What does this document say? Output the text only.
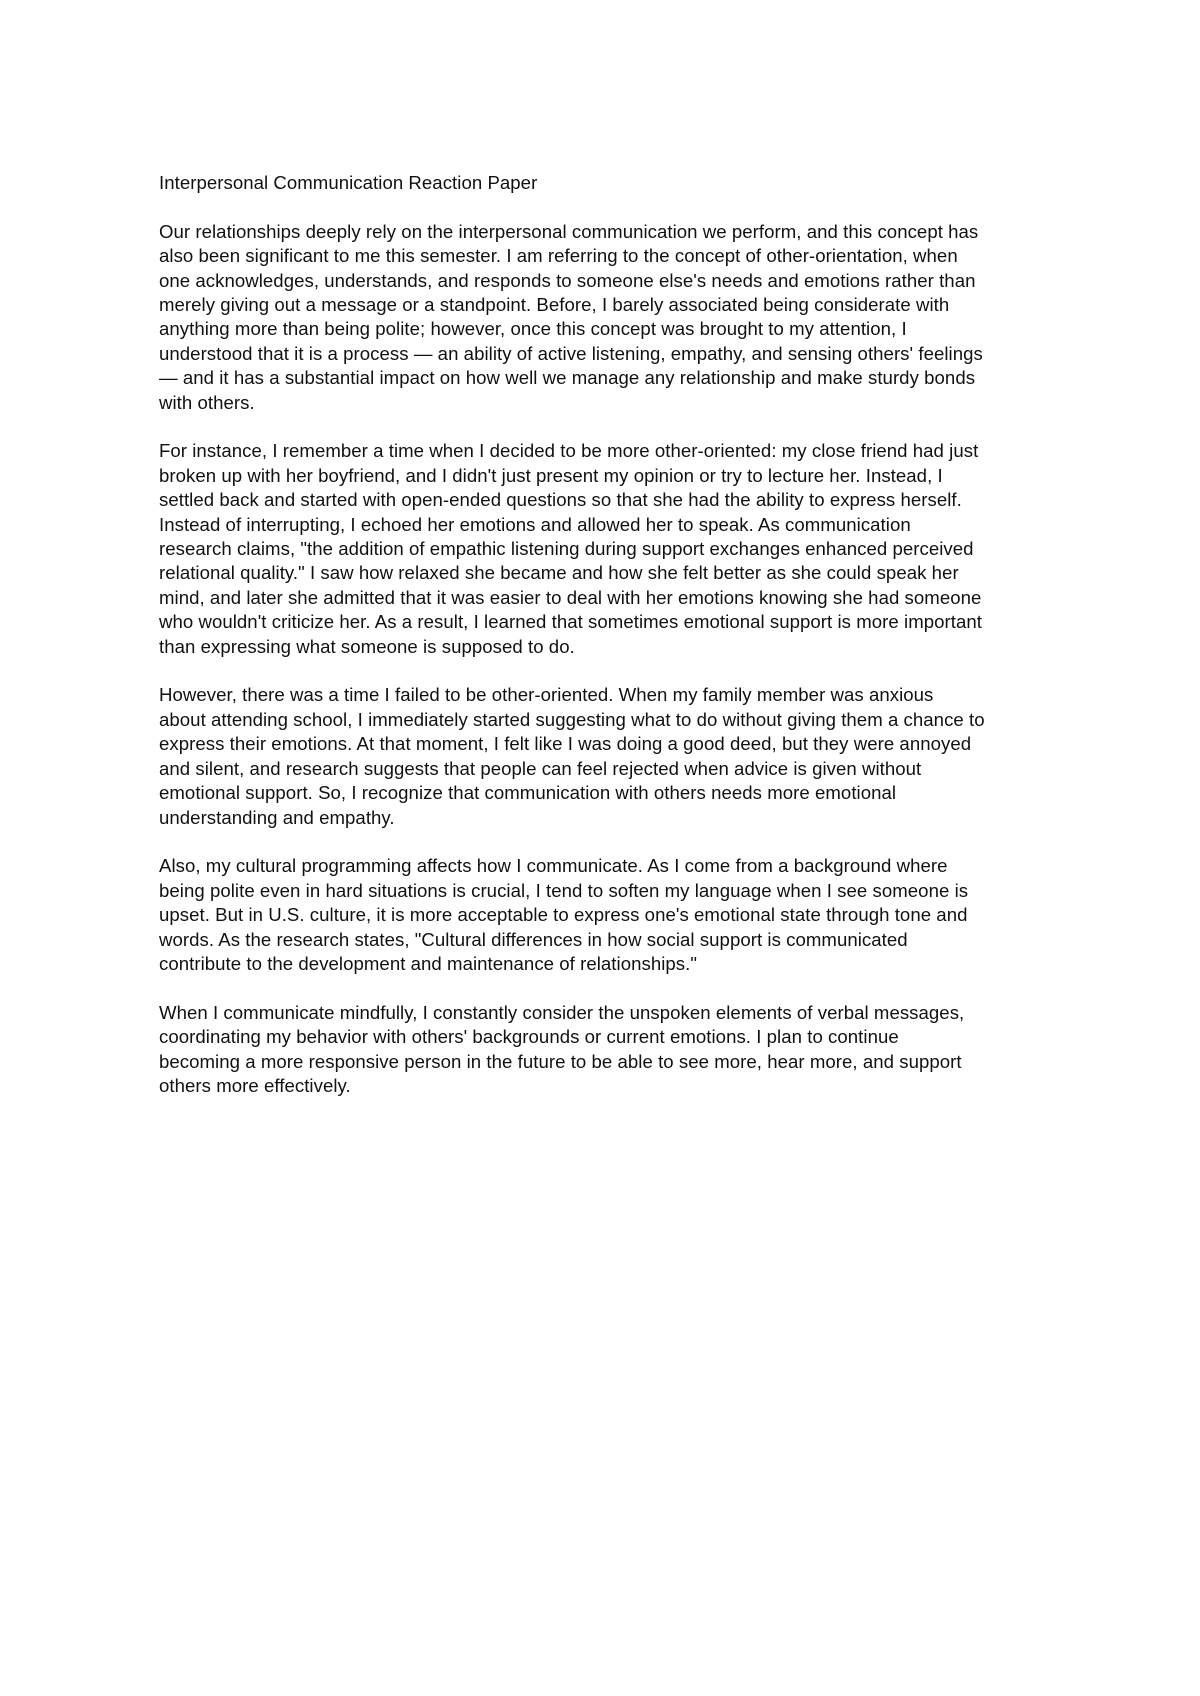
Interpersonal Communication Reaction Paper
Our relationships deeply rely on the interpersonal communication we perform, and this concept has
also been significant to me this semester. I am referring to the concept of other-orientation, when
one acknowledges, understands, and responds to someone else's needs and emotions rather than
merely giving out a message or a standpoint. Before, I barely associated being considerate with
anything more than being polite; however, once this concept was brought to my attention, I
understood that it is a process — an ability of active listening, empathy, and sensing others' feelings
— and it has a substantial impact on how well we manage any relationship and make sturdy bonds
with others.
For instance, I remember a time when I decided to be more other-oriented: my close friend had just
broken up with her boyfriend, and I didn't just present my opinion or try to lecture her. Instead, I
settled back and started with open-ended questions so that she had the ability to express herself.
Instead of interrupting, I echoed her emotions and allowed her to speak. As communication
research claims, "the addition of empathic listening during support exchanges enhanced perceived
relational quality." I saw how relaxed she became and how she felt better as she could speak her
mind, and later she admitted that it was easier to deal with her emotions knowing she had someone
who wouldn't criticize her. As a result, I learned that sometimes emotional support is more important
than expressing what someone is supposed to do.
However, there was a time I failed to be other-oriented. When my family member was anxious
about attending school, I immediately started suggesting what to do without giving them a chance to
express their emotions. At that moment, I felt like I was doing a good deed, but they were annoyed
and silent, and research suggests that people can feel rejected when advice is given without
emotional support. So, I recognize that communication with others needs more emotional
understanding and empathy.
Also, my cultural programming affects how I communicate. As I come from a background where
being polite even in hard situations is crucial, I tend to soften my language when I see someone is
upset. But in U.S. culture, it is more acceptable to express one's emotional state through tone and
words. As the research states, "Cultural differences in how social support is communicated
contribute to the development and maintenance of relationships."
When I communicate mindfully, I constantly consider the unspoken elements of verbal messages,
coordinating my behavior with others' backgrounds or current emotions. I plan to continue
becoming a more responsive person in the future to be able to see more, hear more, and support
others more effectively.
